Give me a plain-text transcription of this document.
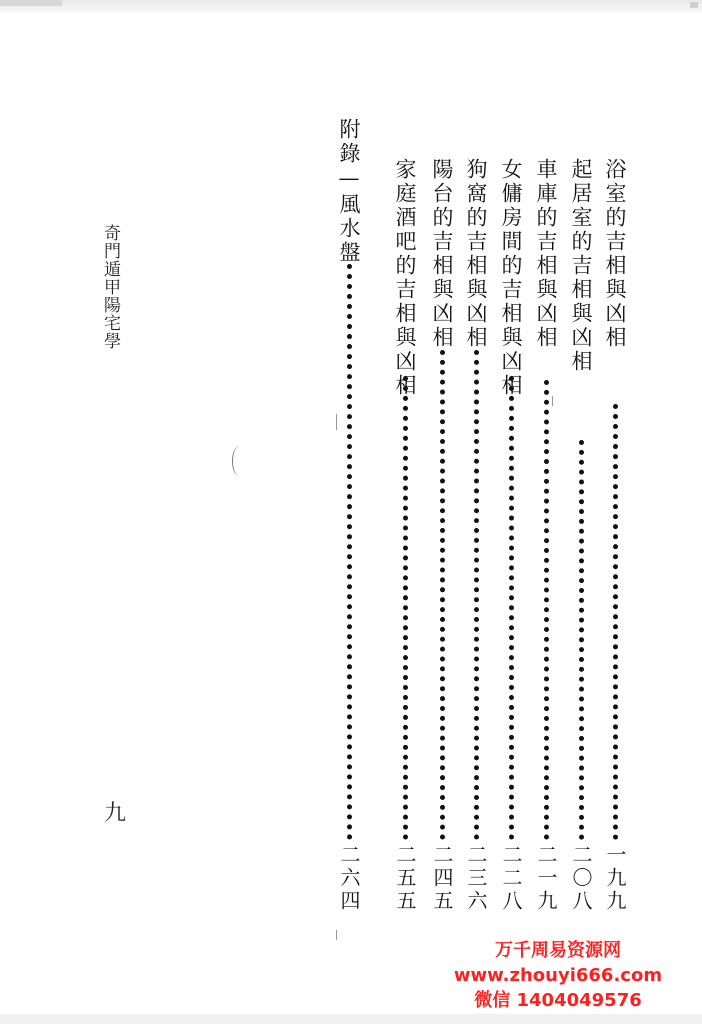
奇門遁甲陽宅學
九
浴室的吉相與凶相
一九九
起居室的吉相與凶相
二〇八
車庫的吉相與凶相
二一九
女傭房間的吉相與凶相
二二八
狗窩的吉相與凶相
二三六
陽台的吉相與凶相
二四五
家庭酒吧的吉相與凶相
二五五
附錄—風水盤
二六四
万千周易资源网
www.zhouyi666.com
微信 1404049576
